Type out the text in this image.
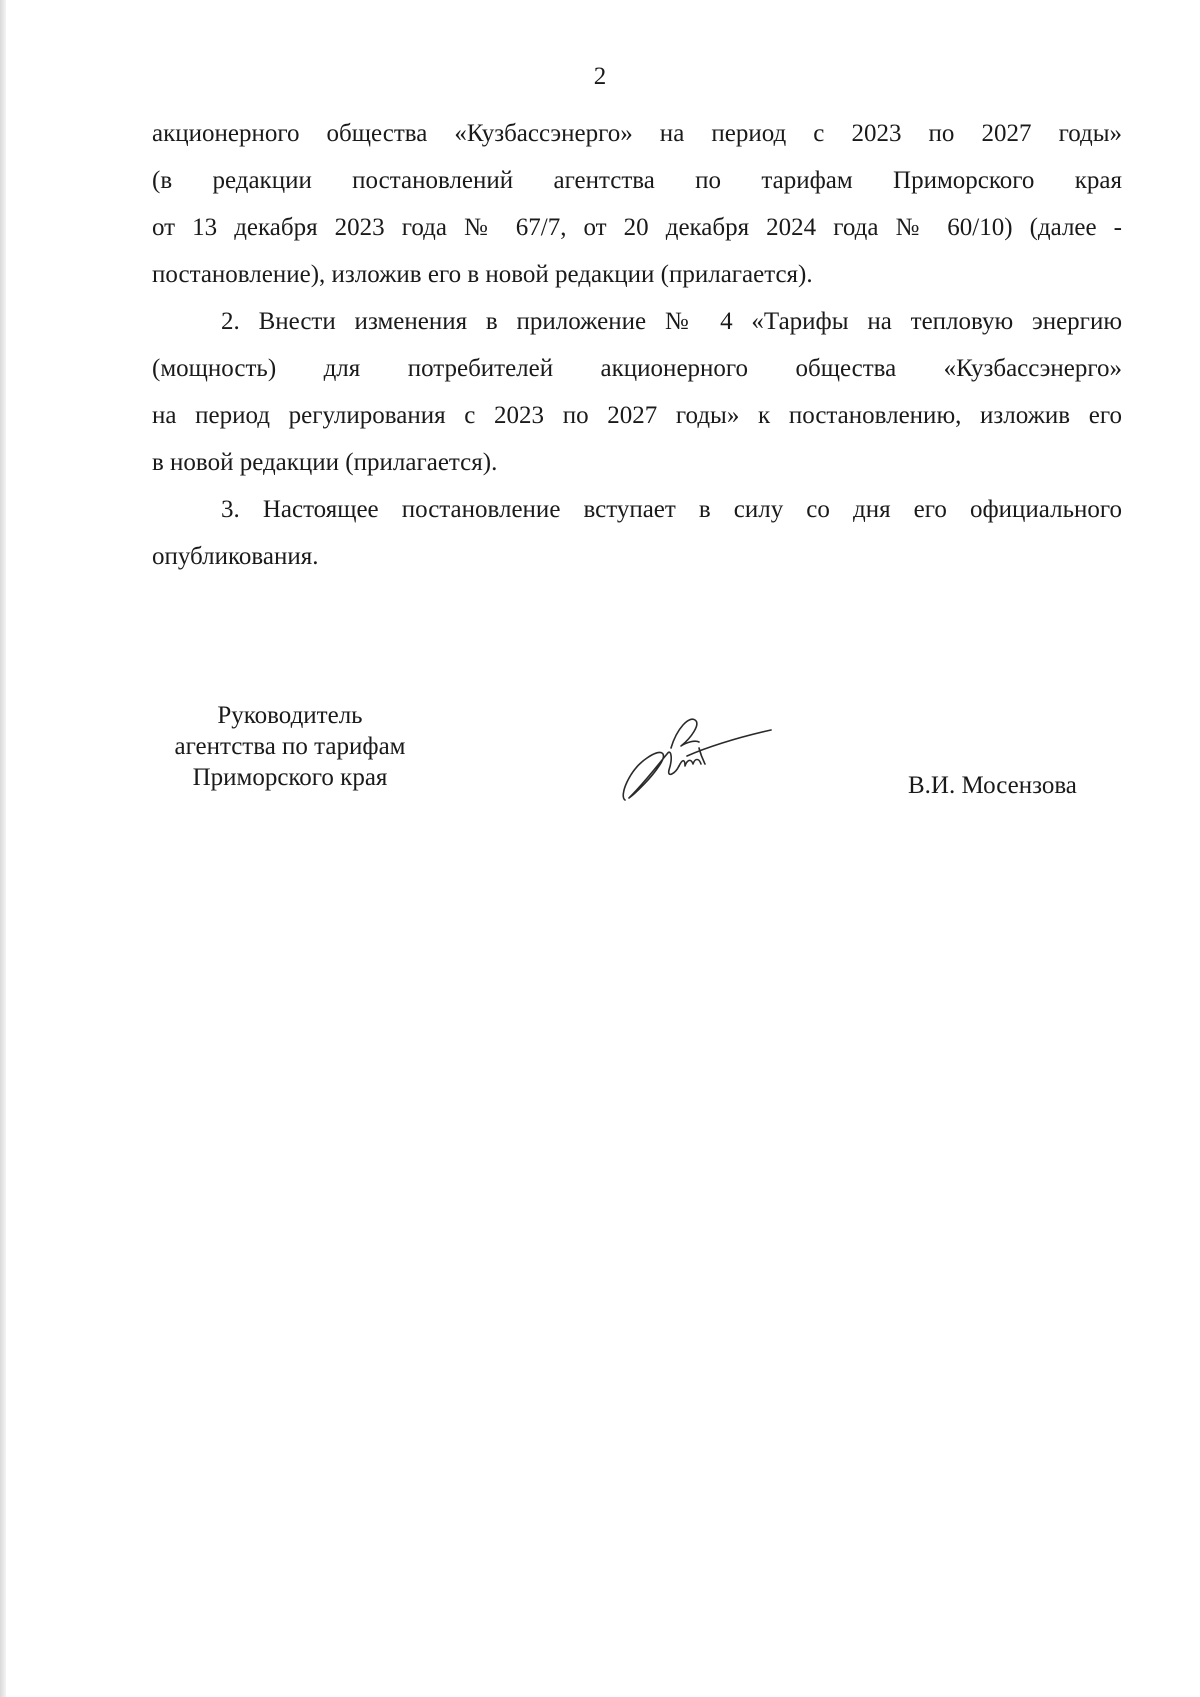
2
акционерного общества «Кузбассэнерго» на период с 2023 по 2027 годы»
(в редакции постановлений агентства по тарифам Приморского края
от 13 декабря 2023 года № 67/7, от 20 декабря 2024 года № 60/10) (далее -
постановление), изложив его в новой редакции (прилагается).
2. Внести изменения в приложение № 4 «Тарифы на тепловую энергию
(мощность) для потребителей акционерного общества «Кузбассэнерго»
на период регулирования с 2023 по 2027 годы» к постановлению, изложив его
в новой редакции (прилагается).
3. Настоящее постановление вступает в силу со дня его официального
опубликования.
Руководитель
агентства по тарифам
Приморского края	В.И. Мосензова
